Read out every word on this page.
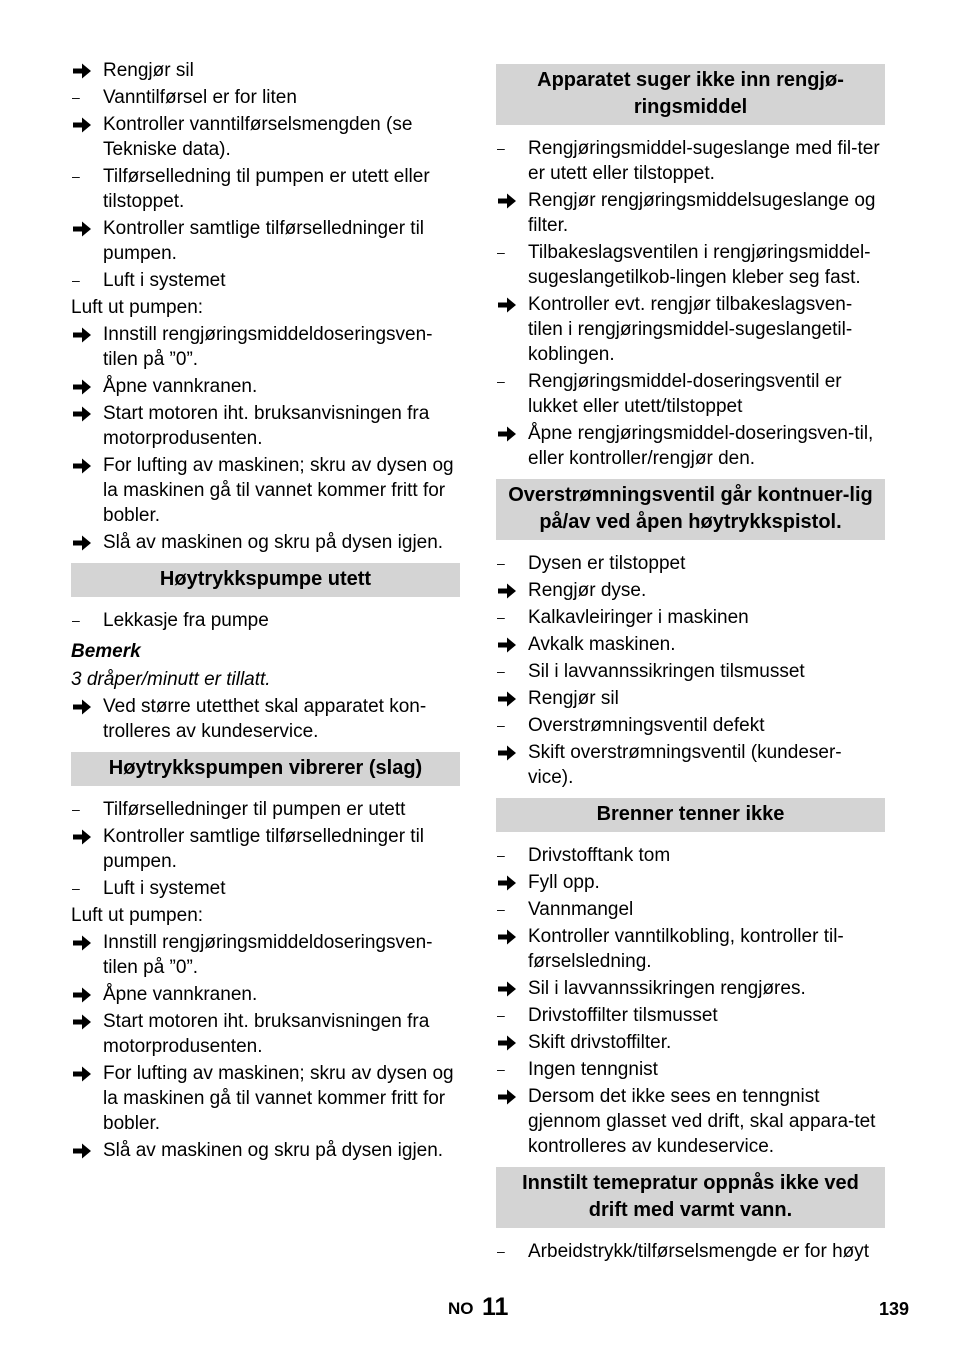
Rengjør sil
–	Vanntilførsel er for liten
Kontroller vanntilførselsmengden (se Tekniske data).
–	Tilførselledning til pumpen er utett eller tilstoppet.
Kontroller samtlige tilførselledninger til pumpen.
–	Luft i systemet
Luft ut pumpen:
Innstill rengjøringsmiddeldoseringsven-tilen på ”0”.
Åpne vannkranen.
Start motoren iht. bruksanvisningen fra motorprodusenten.
For lufting av maskinen; skru av dysen og la maskinen gå til vannet kommer fritt for bobler.
Slå av maskinen og skru på dysen igjen.
Høytrykkspumpe utett
–	Lekkasje fra pumpe
Bemerk
3 dråper/minutt er tillatt.
Ved større utetthet skal apparatet kon-trolleres av kundeservice.
Høytrykkspumpen vibrerer (slag)
–	Tilførselledninger til pumpen er utett
Kontroller samtlige tilførselledninger til pumpen.
–	Luft i systemet
Luft ut pumpen:
Innstill rengjøringsmiddeldoseringsven-tilen på ”0”.
Åpne vannkranen.
Start motoren iht. bruksanvisningen fra motorprodusenten.
For lufting av maskinen; skru av dysen og la maskinen gå til vannet kommer fritt for bobler.
Slå av maskinen og skru på dysen igjen.
Apparatet suger ikke inn rengjø-ringsmiddel
–	Rengjøringsmiddel-sugeslange med fil-ter er utett eller tilstoppet.
Rengjør rengjøringsmiddelsugeslange og filter.
–	Tilbakeslagsventilen i rengjøringsmiddel-sugeslangetilkob-lingen kleber seg fast.
Kontroller evt. rengjør tilbakeslagsven-tilen i rengjøringsmiddel-sugeslangetil-koblingen.
–	Rengjøringsmiddel-doseringsventil er lukket eller utett/tilstoppet
Åpne rengjøringsmiddel-doseringsven-til, eller kontroller/rengjør den.
Overstrømningsventil går kontnuer-lig på/av ved åpen høytrykkspistol.
–	Dysen er tilstoppet
Rengjør dyse.
–	Kalkavleiringer i maskinen
Avkalk maskinen.
–	Sil i lavvannssikringen tilsmusset
Rengjør sil
–	Overstrømningsventil defekt
Skift overstrømningsventil (kundeser-vice).
Brenner tenner ikke
–	Drivstofftank tom
Fyll opp.
–	Vannmangel
Kontroller vanntilkobling, kontroller til-førselsledning.
Sil i lavvannssikringen rengjøres.
–	Drivstoffilter tilsmusset
Skift drivstoffilter.
–	Ingen tenngnist
Dersom det ikke sees en tenngnist gjennom glasset ved drift, skal appara-tet kontrolleres av kundeservice.
Innstilt temepratur oppnås ikke ved drift med varmt vann.
–	Arbeidstrykk/tilførselsmengde er for høyt
NO 11	139
